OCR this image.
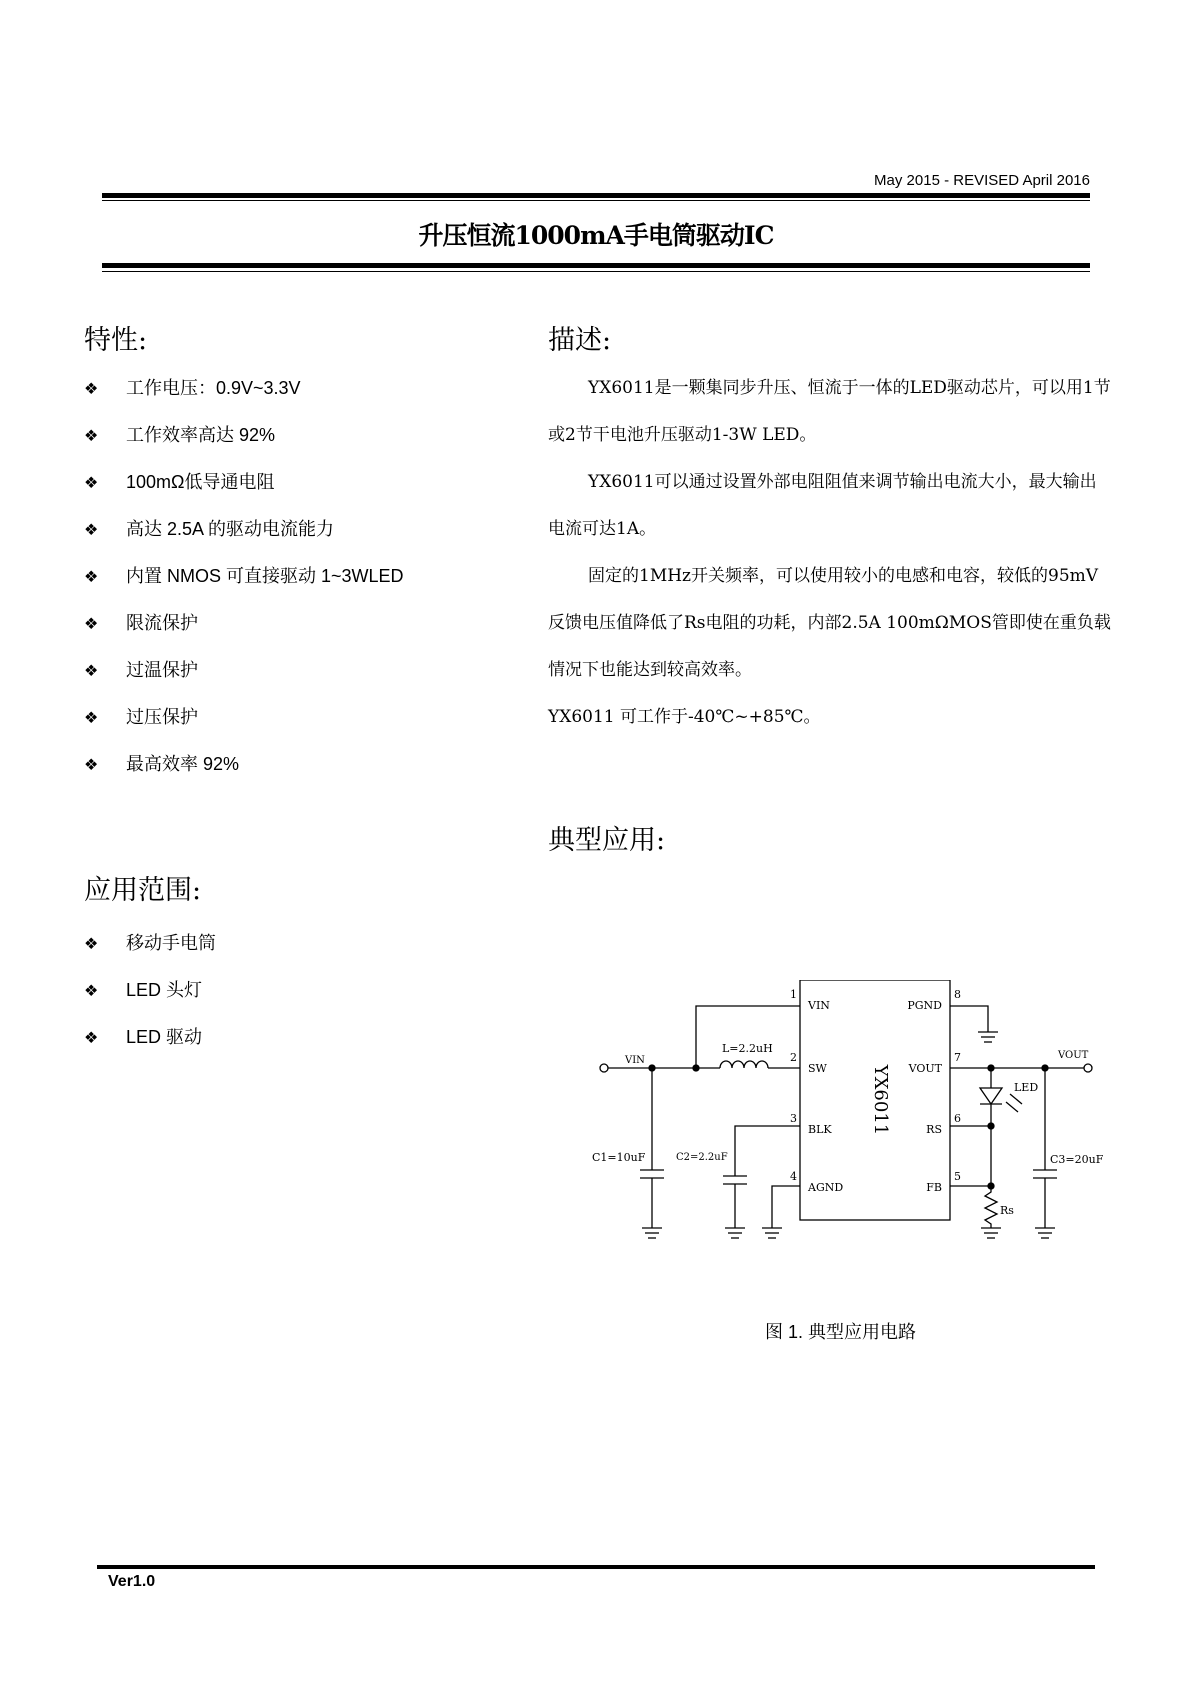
May 2015 - REVISED April 2016
升压恒流1000mA手电筒驱动IC
特性:
❖ 工作电压：0.9V~3.3V
❖ 工作效率高达 92%
❖ 100mΩ低导通电阻
❖ 高达 2.5A 的驱动电流能力
❖ 内置 NMOS 可直接驱动 1~3WLED
❖ 限流保护
❖ 过温保护
❖ 过压保护
❖ 最高效率 92%
应用范围:
❖ 移动手电筒
❖ LED 头灯
❖ LED 驱动
描述:

YX6011是一颗集同步升压、恒流于一体的LED驱动芯片，可以用1节或2节干电池升压驱动1-3W LED。

YX6011可以通过设置外部电阻阻值来调节输出电流大小，最大输出电流可达1A。

固定的1MHz开关频率，可以使用较小的电感和电容，较低的95mV反馈电压值降低了Rs电阻的功耗，内部2.5A 100mΩMOS管即使在重负载情况下也能达到较高效率。

YX6011 可工作于-40℃~+85℃。

典型应用:
YX6011
VIN
SW
BLK
AGND
1
2
3
4
PGND
VOUT
RS
FB
8
7
6
5
VIN
L=2.2uH
C1=10uF	C2=2.2uF
VOUT
LED
Rs
C3=20uF
图 1. 典型应用电路
Ver1.0
